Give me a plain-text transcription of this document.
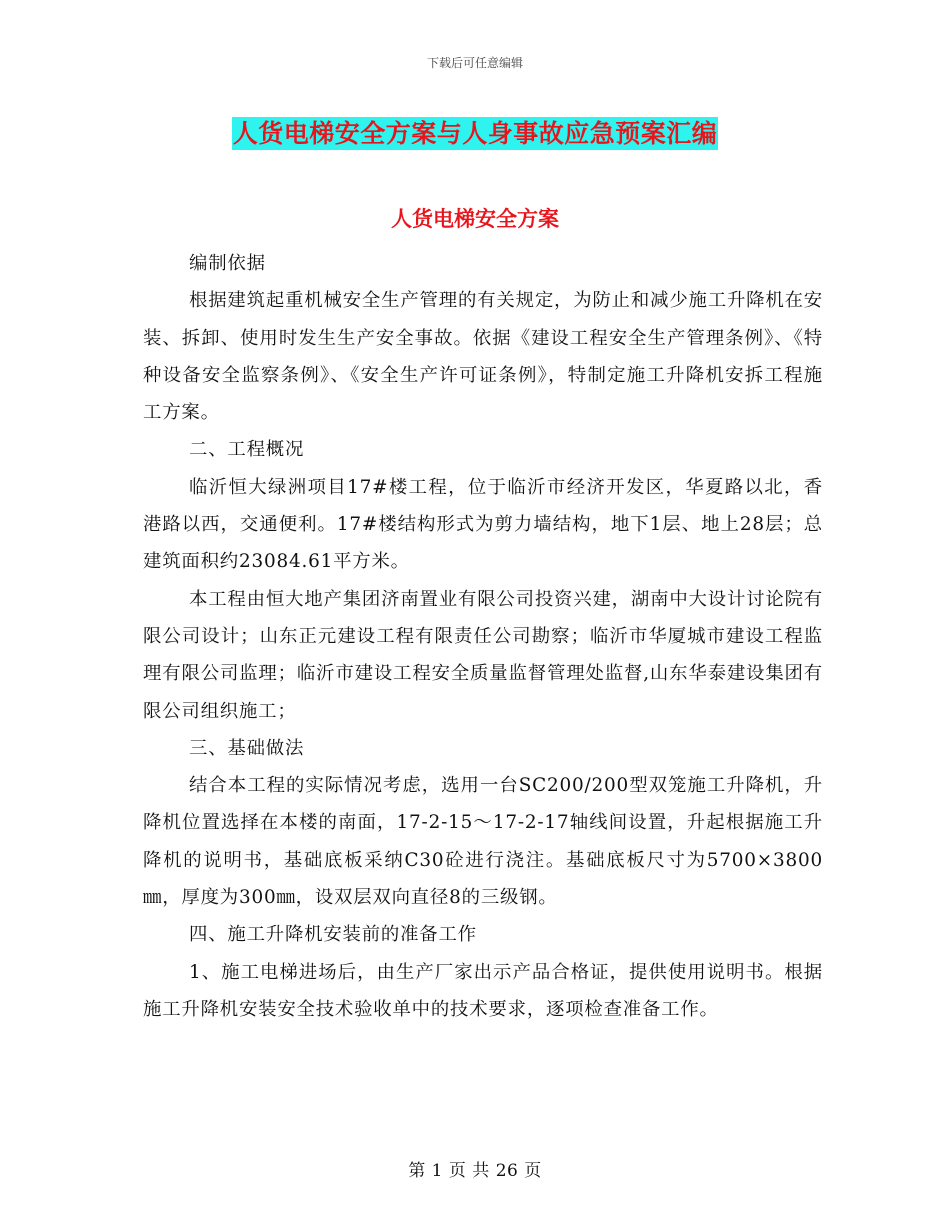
下载后可任意编辑
人货电梯安全方案与人身事故应急预案汇编
人货电梯安全方案

编制依据

根据建筑起重机械安全生产管理的有关规定，为防止和减少施工升降机在安装、拆卸、使用时发生生产安全事故。依据《建设工程安全生产管理条例》、《特种设备安全监察条例》、《安全生产许可证条例》，特制定施工升降机安拆工程施工方案。

二、工程概况

临沂恒大绿洲项目17#楼工程，位于临沂市经济开发区，华夏路以北，香港路以西，交通便利。17#楼结构形式为剪力墙结构，地下1层、地上28层；总建筑面积约23084.61平方米。

本工程由恒大地产集团济南置业有限公司投资兴建，湖南中大设计讨论院有限公司设计；山东正元建设工程有限责任公司勘察；临沂市华厦城市建设工程监理有限公司监理；临沂市建设工程安全质量监督管理处监督,山东华泰建设集团有限公司组织施工；

三、基础做法

结合本工程的实际情况考虑，选用一台SC200/200型双笼施工升降机，升降机位置选择在本楼的南面，17-2-15～17-2-17轴线间设置，升起根据施工升降机的说明书，基础底板采纳C30砼进行浇注。基础底板尺寸为5700×3800㎜，厚度为300㎜，设双层双向直径8的三级钢。

四、施工升降机安装前的准备工作

1、施工电梯进场后，由生产厂家出示产品合格证，提供使用说明书。根据施工升降机安装安全技术验收单中的技术要求，逐项检查准备工作。

第 1 页 共 26 页
